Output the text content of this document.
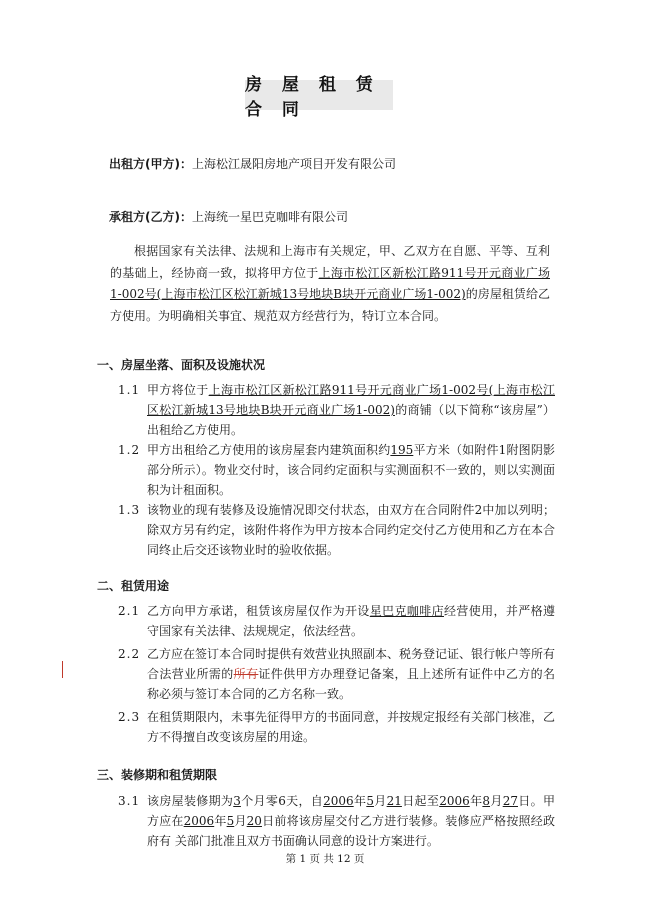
房 屋 租 赁 合 同
出租方(甲方)：上海松江晟阳房地产项目开发有限公司
承租方(乙方)：上海统一星巴克咖啡有限公司
根据国家有关法律、法规和上海市有关规定，甲、乙双方在自愿、平等、互利的基础上，经协商一致，拟将甲方位于上海市松江区新松江路911号开元商业广场1-002号(上海市松江区松江新城13号地块B块开元商业广场1-002)的房屋租赁给乙方使用。为明确相关事宜、规范双方经营行为，特订立本合同。
一、房屋坐落、面积及设施状况
1.1 甲方将位于上海市松江区新松江路911号开元商业广场1-002号(上海市松江区松江新城13号地块B块开元商业广场1-002)的商铺（以下简称“该房屋”）出租给乙方使用。
1.2 甲方出租给乙方使用的该房屋套内建筑面积约195平方米（如附件1附图阴影部分所示）。物业交付时，该合同约定面积与实测面积不一致的，则以实测面积为计租面积。
1.3 该物业的现有装修及设施情况即交付状态，由双方在合同附件2中加以列明；除双方另有约定，该附件将作为甲方按本合同约定交付乙方使用和乙方在本合同终止后交还该物业时的验收依据。
二、租赁用途
2.1 乙方向甲方承诺，租赁该房屋仅作为开设星巴克咖啡店经营使用，并严格遵守国家有关法律、法规规定，依法经营。
2.2 乙方应在签订本合同时提供有效营业执照副本、税务登记证、银行帐户等所有合法营业所需的所有证件供甲方办理登记备案，且上述所有证件中乙方的名称必须与签订本合同的乙方名称一致。
2.3 在租赁期限内，未事先征得甲方的书面同意，并按规定报经有关部门核准，乙方不得擅自改变该房屋的用途。
三、装修期和租赁期限
3.1 该房屋装修期为3个月零6天，自2006年5月21日起至2006年8月27日。甲方应在2006年5月20日前将该房屋交付乙方进行装修。装修应严格按照经政府有 关部门批准且双方书面确认同意的设计方案进行。
第 1 页 共 12 页
